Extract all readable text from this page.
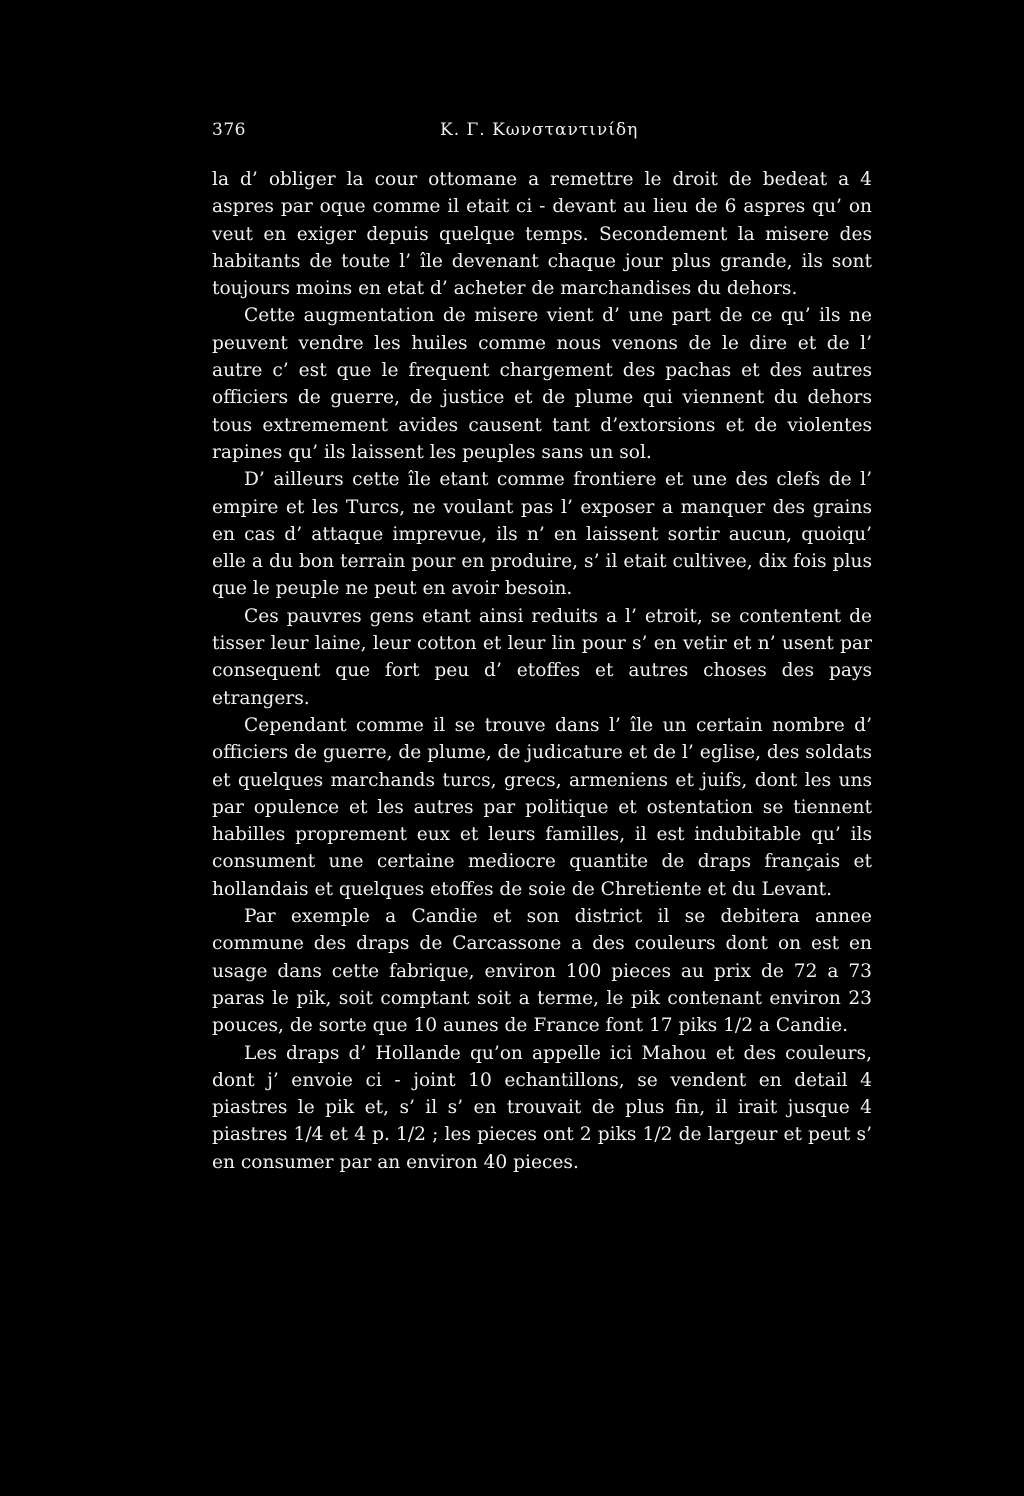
376	Κ. Γ. Κωνσταντινίδη

la d’ obliger la cour ottomane a remettre le droit de bedeat a 4 aspres par oque comme il etait ci - devant au lieu de 6 aspres qu’ on veut en exiger depuis quelque temps. Secondement la misere des habitants de toute l’ île devenant chaque jour plus grande, ils sont toujours moins en etat d’ acheter de marchandises du dehors.

Cette augmentation de misere vient d’ une part de ce qu’ ils ne peuvent vendre les huiles comme nous venons de le dire et de l’ autre c’ est que le frequent chargement des pachas et des autres officiers de guerre, de justice et de plume qui viennent du dehors tous extremement avides causent tant d’extorsions et de violentes rapines qu’ ils laissent les peuples sans un sol.

D’ ailleurs cette île etant comme frontiere et une des clefs de l’ empire et les Turcs, ne voulant pas l’ exposer a manquer des grains en cas d’ attaque imprevue, ils n’ en laissent sortir aucun, quoiqu’ elle a du bon terrain pour en produire, s’ il etait cultivee, dix fois plus que le peuple ne peut en avoir besoin.

Ces pauvres gens etant ainsi reduits a l’ etroit, se contentent de tisser leur laine, leur cotton et leur lin pour s’ en vetir et n’ usent par consequent que fort peu d’ etoffes et autres choses des pays etrangers.

Cependant comme il se trouve dans l’ île un certain nombre d’ officiers de guerre, de plume, de judicature et de l’ eglise, des soldats et quelques marchands turcs, grecs, armeniens et juifs, dont les uns par opulence et les autres par politique et ostentation se tiennent habilles proprement eux et leurs familles, il est indubitable qu’ ils consument une certaine mediocre quantite de draps français et hollandais et quelques etoffes de soie de Chretiente et du Levant.

Par exemple a Candie et son district il se debitera annee commune des draps de Carcassone a des couleurs dont on est en usage dans cette fabrique, environ 100 pieces au prix de 72 a 73 paras le pik, soit comptant soit a terme, le pik contenant environ 23 pouces, de sorte que 10 aunes de France font 17 piks 1/2 a Candie.

Les draps d’ Hollande qu’on appelle ici Mahou et des couleurs, dont j’ envoie ci - joint 10 echantillons, se vendent en detail 4 piastres le pik et, s’ il s’ en trouvait de plus fin, il irait jusque 4 piastres 1/4 et 4 p. 1/2 ; les pieces ont 2 piks 1/2 de largeur et peut s’ en consumer par an environ 40 pieces.
